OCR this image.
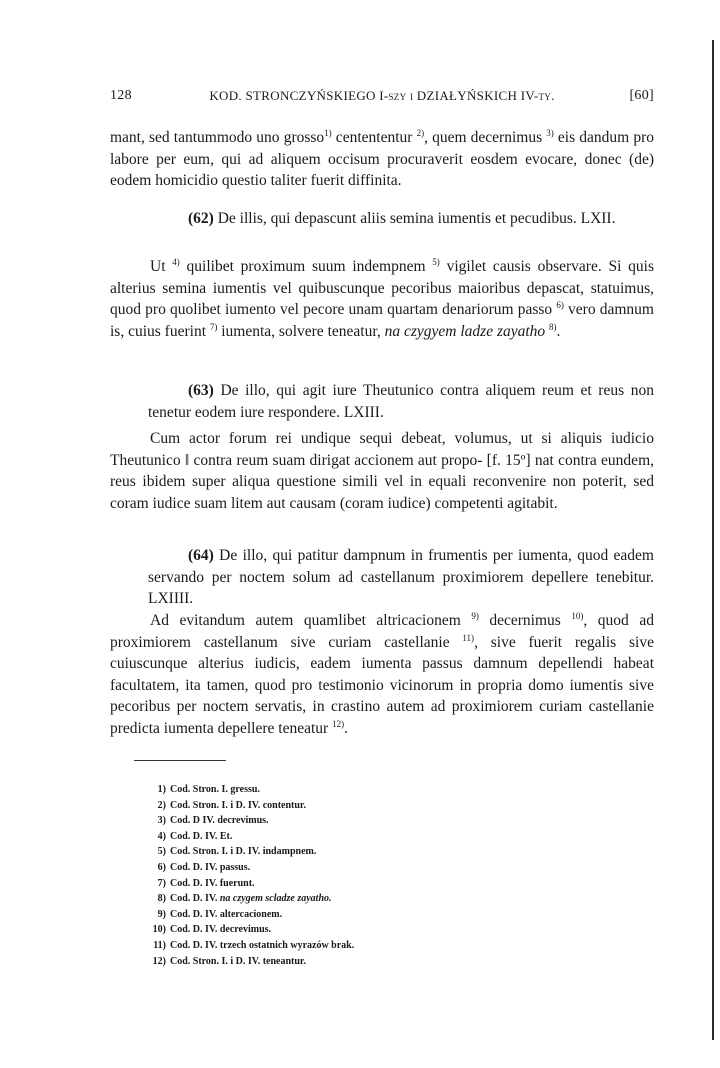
128	KOD. STRONCZYŃSKIEGO I-szy i DZIAŁYŃSKICH IV-ty.	[60]

mant, sed tantummodo uno grosso$^{1)}$ centententur $^{2)}$, quem decernimus $^{3)}$ eis dandum pro labore per eum, qui ad aliquem occisum procuraverit eosdem evocare, donec (de) eodem homicidio questio taliter fuerit diffinita.

(62) De illis, qui depascunt aliis semina iumentis et pecudibus. LXII.

Ut $^{4)}$ quilibet proximum suum indempnem $^{5)}$ vigilet causis observare. Si quis alterius semina iumentis vel quibuscunque pecoribus maioribus depascat, statuimus, quod pro quolibet iumento vel pecore unam quartam denariorum passo $^{6)}$ vero damnum is, cuius fuerint $^{7)}$ iumenta, solvere teneatur, na czygyem ladze zayatho $^{8)}$.

(63) De illo, qui agit iure Theutunico contra aliquem reum et reus non tenetur eodem iure respondere. LXIII.

Cum actor forum rei undique sequi debeat, volumus, ut si aliquis iudicio Theutunico ‖ contra reum suam dirigat accionem aut propo- [f. 15º] nat contra eundem, reus ibidem super aliqua questione simili vel in equali reconvenire non poterit, sed coram iudice suam litem aut causam (coram iudice) competenti agitabit.

(64) De illo, qui patitur dampnum in frumentis per iumenta, quod eadem servando per noctem solum ad castellanum proximiorem depellere tenebitur. LXIIII.

Ad evitandum autem quamlibet altricacionem $^{9)}$ decernimus $^{10)}$, quod ad proximiorem castellanum sive curiam castellanie $^{11)}$, sive fuerit regalis sive cuiuscunque alterius iudicis, eadem iumenta passus damnum depellendi habeat facultatem, ita tamen, quod pro testimonio vicinorum in propria domo iumentis sive pecoribus per noctem servatis, in crastino autem ad proximiorem curiam castellanie predicta iumenta depellere teneatur $^{12)}$.

1) Cod. Stron. I. gressu.
2) Cod. Stron. I. i D. IV. contentur.
3) Cod. D IV. decrevimus.
4) Cod. D. IV. Et.
5) Cod. Stron. I. i D. IV. indampnem.
6) Cod. D. IV. passus.
7) Cod. D. IV. fuerunt.
8) Cod. D. IV. na czygem scladze zayatho.
9) Cod. D. IV. altercacionem.
10) Cod. D. IV. decrevimus.
11) Cod. D. IV. trzech ostatnich wyrazów brak.
12) Cod. Stron. I. i D. IV. teneantur.
